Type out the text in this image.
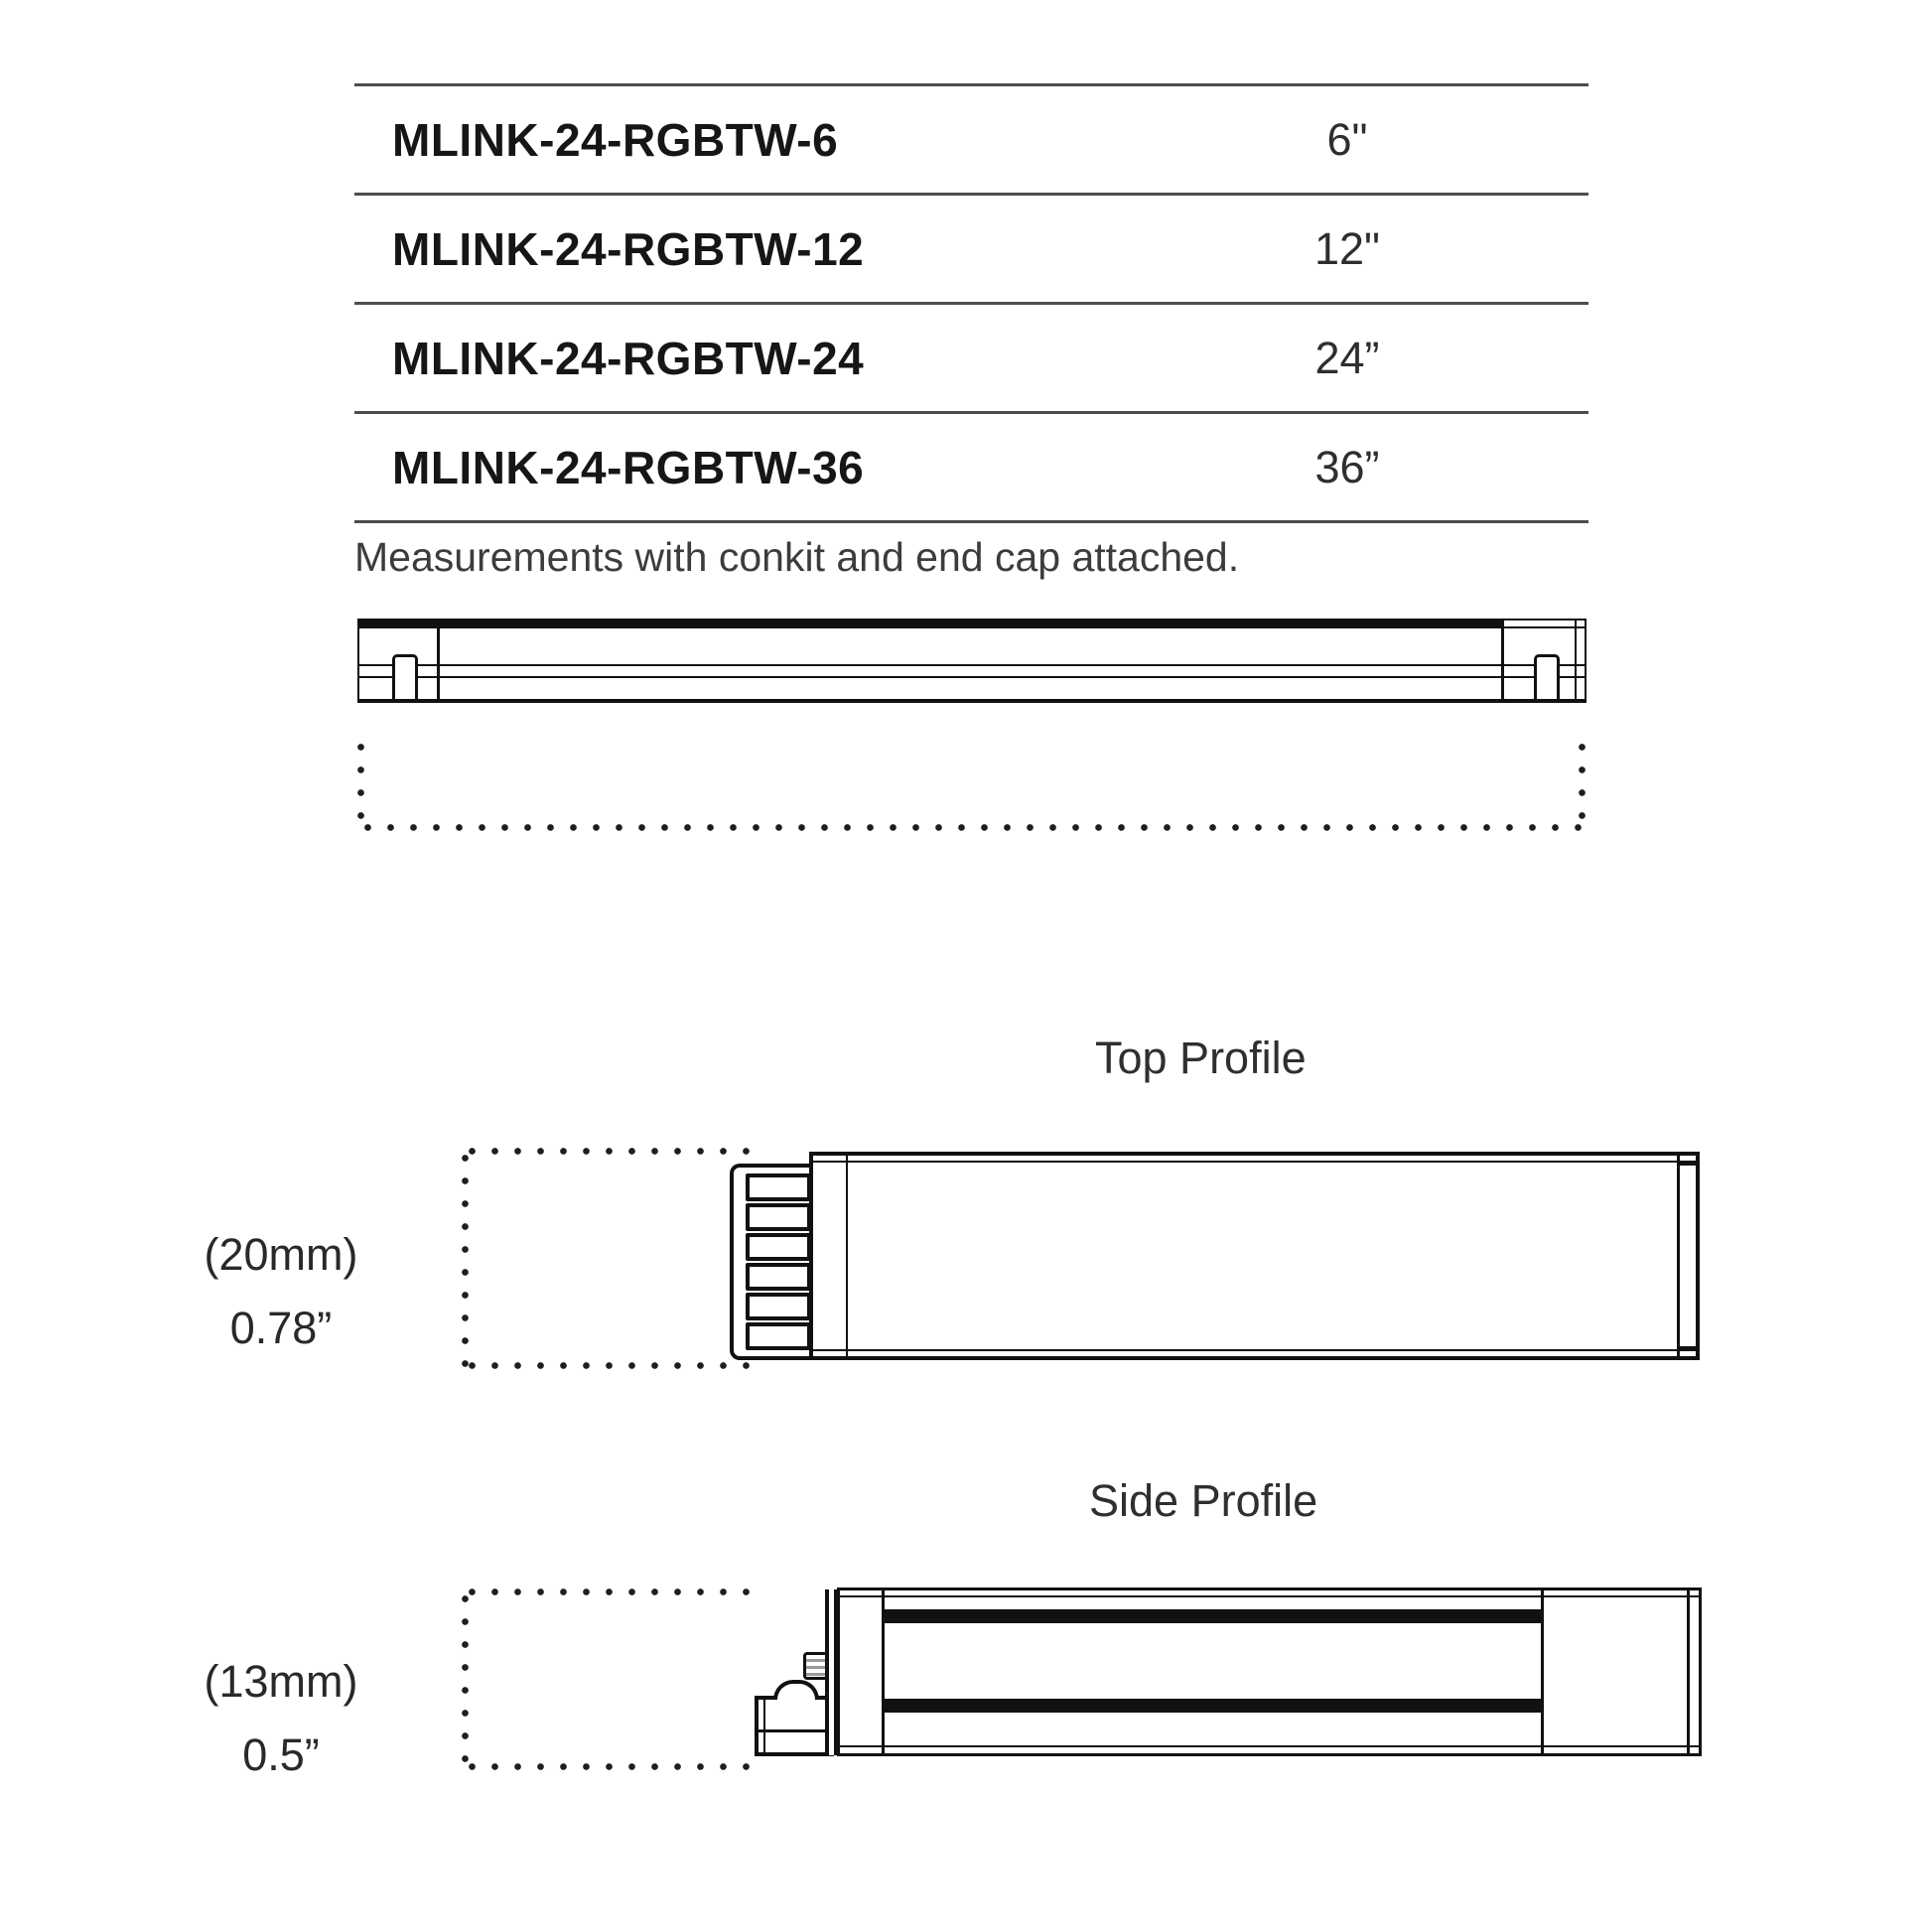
MLINK-24-RGBTW-6	6"
MLINK-24-RGBTW-12	12"
MLINK-24-RGBTW-24	24”
MLINK-24-RGBTW-36	36”
Measurements with conkit and end cap attached.
Top Profile
(20mm)
0.78”
Side Profile
(13mm)
0.5”
